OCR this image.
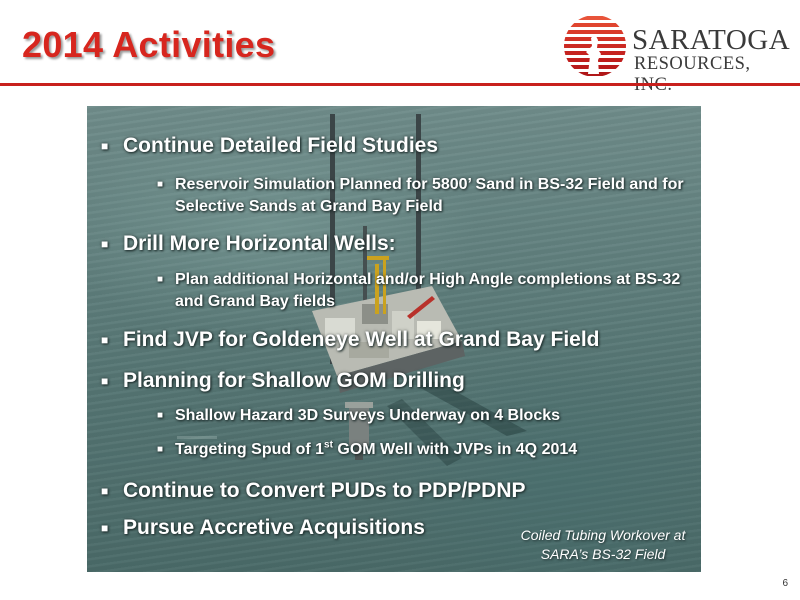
2014 Activities	SARATOGA
RESOURCES,
■ Continue Detailed Field Studies
■ Reservoir Simulation Planned for 5800’ Sand in BS-32 Field and for Selective Sands at Grand Bay Field
■ Drill More Horizontal Wells:
■ Plan additional Horizontal and/or High Angle completions at BS-32 and Grand Bay fields
■ Find JVP for Goldeneye Well at Grand Bay Field
■ Planning for Shallow GOM Drilling
■ Shallow Hazard 3D Surveys Underway on 4 Blocks
■ Targeting Spud of 1st GOM Well with JVPs in 4Q 2014
■ Continue to Convert PUDs to PDP/PDNP
■ Pursue Accretive Acquisitions	Coiled Tubing Workover at
SARA’s BS-32 Field
6
